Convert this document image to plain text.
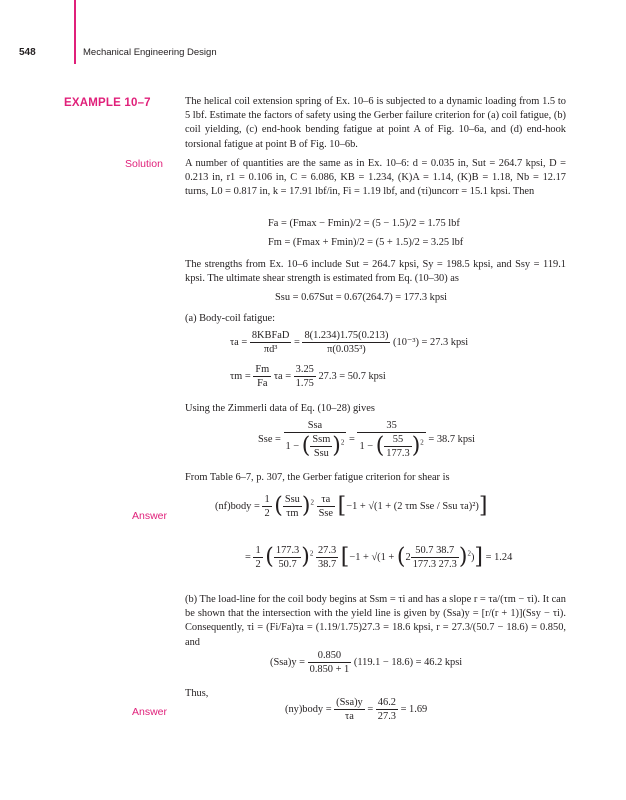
548	Mechanical Engineering Design
EXAMPLE 10–7	The helical coil extension spring of Ex. 10–6 is subjected to a dynamic loading from 1.5 to 5 lbf. Estimate the factors of safety using the Gerber failure criterion for (a) coil fatigue, (b) coil yielding, (c) end-hook bending fatigue at point A of Fig. 10–6a, and (d) end-hook torsional fatigue at point B of Fig. 10–6b.
Solution A number of quantities are the same as in Ex. 10–6: d = 0.035 in, Sut = 264.7 kpsi, D = 0.213 in, r1 = 0.106 in, C = 6.086, KB = 1.234, (K)A = 1.14, (K)B = 1.18, Nb = 12.17 turns, L0 = 0.817 in, k = 17.91 lbf/in, Fi = 1.19 lbf, and (τi)uncorr = 15.1 kpsi. Then
Fa = (Fmax − Fmin)/2 = (5 − 1.5)/2 = 1.75 lbf
Fm = (Fmax + Fmin)/2 = (5 + 1.5)/2 = 3.25 lbf
The strengths from Ex. 10–6 include Sut = 264.7 kpsi, Sy = 198.5 kpsi, and Ssy = 119.1 kpsi. The ultimate shear strength is estimated from Eq. (10–30) as
Ssu = 0.67Sut = 0.67(264.7) = 177.3 kpsi
(a) Body-coil fatigue:
$\tau a = \frac{\text{8KBFaD}}{\text{πd³}} = \frac{8(1.234)1.75(0.213)}{\text{π(0.035³)}} (10^{-3}) = 27.3$ kpsi
$\tau m = \frac{Fm}{Fa}$ $\tau a = \frac{3.25}{1.75} 27.3 = 50.7$ kpsi
Using the Zimmerli data of Eq. (10–28) gives
Sse = $\frac{\text{Ssa}}{1 - ( \frac{\text{Ssm}}{\text{Ssu}} )^2} = \frac{35}{1 - ( \frac{55}{177.3} )^2} = 38.7$ kpsi
From Table 6–7, p. 307, the Gerber fatigue criterion for shear is
Answer
(nf)body = $\frac{1}{2}$ ( $\frac{\text{Ssu}}{\tau m} )^2 \frac{\tau a}{\text{Sse}} [-1 + √(1 + (2$ τm Sse / Ssu τa)²)]
= $\frac{1}{2}$ ( $\frac{177.3}{50.7} )^2 \frac{27.3}{38.7} [-1 + √(1 + (2 \frac{50.7 38.7}{177.3 27.3} )^2)] = 1.24$
(b) The load-line for the coil body begins at Ssm = τi and has a slope r = τa/(τm − τi). It can be shown that the intersection with the yield line is given by (Ssa)y = [r/(r + 1)](Ssy − τi). Consequently, τi = (Fi/Fa)τa = (1.19/1.75)27.3 = 18.6 kpsi, r = 27.3/(50.7 − 18.6) = 0.850, and
$(Ssa)y = \frac{0.850}{0.850 + 1} (119.1 - 18.6) = 46.2$ kpsi
Thus,
Answer	(ny)body = $\frac{\text{(Ssa)y}}{\tau a} = \frac{46.2}{27.3} = 1.69$
